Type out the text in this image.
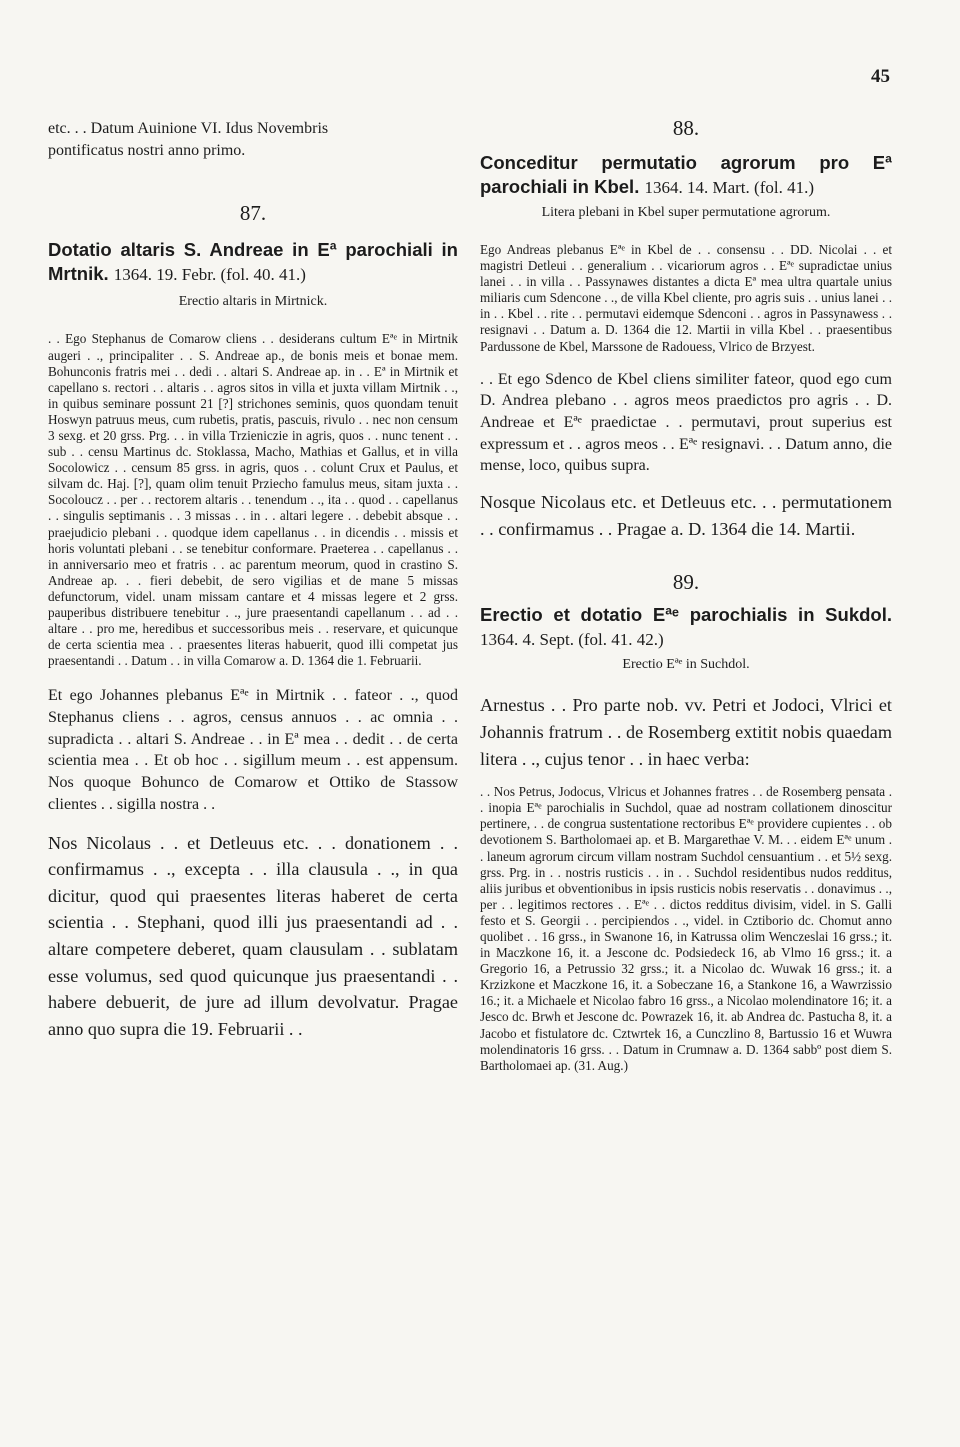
45

etc. . . Datum Auinione VI. Idus Novembris
pontificatus nostri anno primo.

87.

Dotatio altaris S. Andreae in Eª parochiali in Mrtnik. 1364. 19. Febr. (fol. 40. 41.)

Erectio altaris in Mirtnick.

. . Ego Stephanus de Comarow cliens . . desiderans cultum Eªᵉ in Mirtnik augeri . ., principaliter . . S. Andreae ap., de bonis meis et bonae mem. Bohunconis fratris mei . . dedi . . altari S. Andreae ap. in . . Eª in Mirtnik et capellano s. rectori . . altaris . . agros sitos in villa et juxta villam Mirtnik . ., in quibus seminare possunt 21 [?] strichones seminis, quos quondam tenuit Hoswyn patruus meus, cum rubetis, pratis, pascuis, rivulo . . nec non censum 3 sexg. et 20 grss. Prg. . . in villa Trzieniczie in agris, quos . . nunc tenent . . sub . . censu Martinus dc. Stoklassa, Macho, Mathias et Gallus, et in villa Socolowicz . . censum 85 grss. in agris, quos . . colunt Crux et Paulus, et silvam dc. Haj. [?], quam olim tenuit Przieсho famulus meus, sitam juxta . . Socoloucz . . per . . rectorem altaris . . tenendum . ., ita . . quod . . capellanus . . singulis septimanis . . 3 missas . . in . . altari legere . . debebit absque . . praejudicio plebani . . quodque idem capellanus . . in dicendis . . missis et horis voluntati plebani . . se tenebitur conformare. Praeterea . . capellanus . . in anniversario meo et fratris . . ac parentum meorum, quod in crastino S. Andreae ap. . . fieri debebit, de sero vigilias et de mane 5 missas defunctorum, videl. unam missam cantare et 4 missas legere et 2 grss. pauperibus distribuere tenebitur . ., jure praesentandi capellanum . . ad . . altare . . pro me, heredibus et successoribus meis . . reservare, et quicunque de certa scientia mea . . praesentes literas habuerit, quod illi competat jus praesentandi . . Datum . . in villa Comarow a. D. 1364 die 1. Februarii.

Et ego Johannes plebanus Eªᵉ in Mirtnik . . fateor . ., quod Stephanus cliens . . agros, census annuos . . ac omnia . . supradicta . . altari S. Andreae . . in Eª mea . . dedit . . de certa scientia mea . . Et ob hoc . . sigillum meum . . est appensum. Nos quoque Bohunco de Comarow et Ottiko de Stassow clientes . . sigilla nostra . .

Nos Nicolaus . . et Detleuus etc. . . donationem . . confirmamus . ., excepta . . illa clausula . ., in qua dicitur, quod qui praesentes literas haberet de certa scientia . . Stephani, quod illi jus praesentandi ad . . altare competere deberet, quam clausulam . . sublatam esse volumus, sed quod quicunque jus praesentandi . . habere debuerit, de jure ad illum devolvatur. Pragae anno quo supra die 19. Februarii . .

88.

Conceditur permutatio agrorum pro Eª parochiali in Kbel. 1364. 14. Mart. (fol. 41.)

Litera plebani in Kbel super permutatione agrorum.

Ego Andreas plebanus Eªᵉ in Kbel de . . consensu . . DD. Nicolai . . et magistri Detleui . . generalium . . vicariorum agros . . Eªᵉ supradictae unius lanei . . in villa . . Passynawes distantes a dicta Eª mea ultra quartale unius miliaris cum Sdencone . ., de villa Kbel cliente, pro agris suis . . unius lanei . . in . . Kbel . . rite . . permutavi eidemque Sdenconi . . agros in Passynawess . . resignavi . . Datum a. D. 1364 die 12. Martii in villa Kbel . . praesentibus Pardussone de Kbel, Marssone de Radouess, Vlrico de Brzyest.

. . Et ego Sdenco de Kbel cliens similiter fateor, quod ego cum D. Andrea plebano . . agros meos praedictos pro agris . . D. Andreae et Eªᵉ praedictae . . permutavi, prout superius est expressum et . . agros meos . . Eªᵉ resignavi. . . Datum anno, die mense, loco, quibus supra.

Nosque Nicolaus etc. et Detleuus etc. . . permutationem . . confirmamus . . Pragae a. D. 1364 die 14. Martii.

89.

Erectio et dotatio Eªᵉ parochialis in Sukdol. 1364. 4. Sept. (fol. 41. 42.)

Erectio Eªᵉ in Suchdol.

Arnestus . . Pro parte nob. vv. Petri et Jodoci, Vlrici et Johannis fratrum . . de Rosemberg extitit nobis quaedam litera . ., cujus tenor . . in haec verba:

. . Nos Petrus, Jodocus, Vlricus et Johannes fratres . . de Rosemberg pensata . . inopia Eªᵉ parochialis in Suchdol, quae ad nostram collationem dinoscitur pertinere, . . de congrua sustentatione rectoribus Eªᵉ providere cupientes . . ob devotionem S. Bartholomaei ap. et B. Margarethae V. M. . . eidem Eªᵉ unum . . laneum agrorum circum villam nostram Suchdol censuantium . . et 5½ sexg. grss. Prg. in . . nostris rusticis . . in . . Suchdol residentibus nudos redditus, aliis juribus et obventionibus in ipsis rusticis nobis reservatis . . donavimus . ., per . . legitimos rectores . . Eªᵉ . . dictos redditus divisim, videl. in S. Galli festo et S. Georgii . . percipiendos . ., videl. in Cztiborio dc. Chomut anno quolibet . . 16 grss., in Swanone 16, in Katrussa olim Wenczeslai 16 grss.; it. in Maczkone 16, it. a Jescone dc. Podsiedeck 16, ab Vlmo 16 grss.; it. a Gregorio 16, a Petrussio 32 grss.; it. a Nicolao dc. Wuwak 16 grss.; it. a Krzizkone et Maczkone 16, it. a Sobeczane 16, a Stankone 16, a Wawrzissio 16.; it. a Michaele et Nicolao fabro 16 grss., a Nicolao molendinatore 16; it. a Jesco dc. Brwh et Jescone dc. Powrazek 16, it. ab Andrea dc. Pastucha 8, it. a Jacobo et fistulatore dc. Cztwrtek 16, a Cunczlino 8, Bartussio 16 et Wuwra molendinatoris 16 grss. . . Datum in Crumnaw a. D. 1364 sabbº post diem S. Bartholomaei ap. (31. Aug.)
